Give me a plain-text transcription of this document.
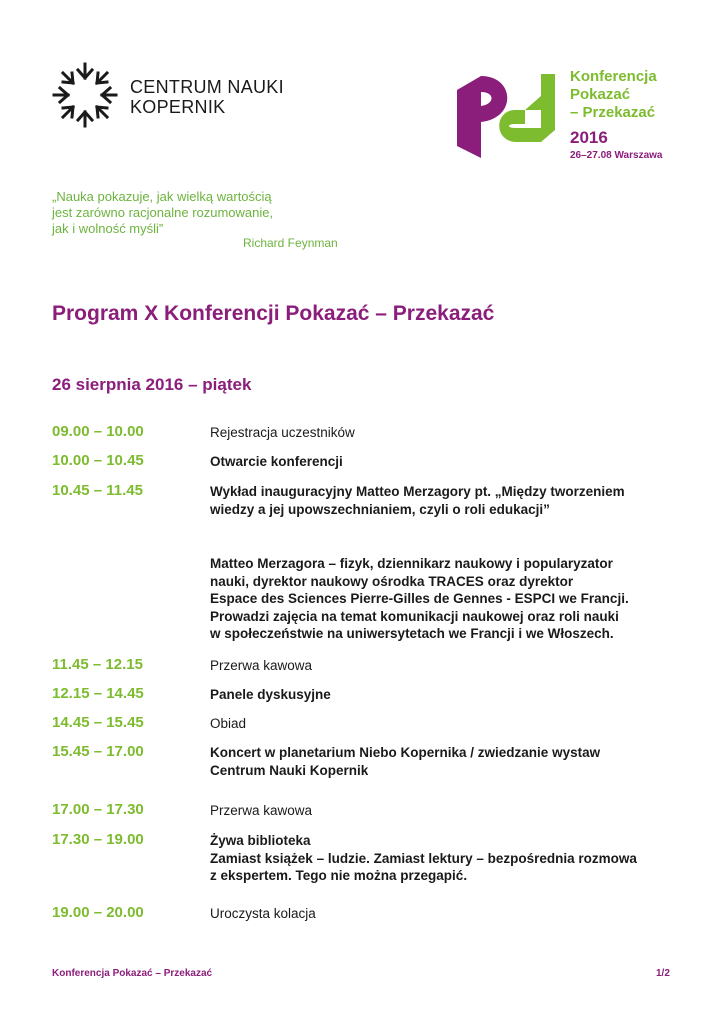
CENTRUM NAUKI
KOPERNIK
Konferencja
Pokazać
– Przekazać
2016
26–27.08 Warszawa
„Nauka pokazuje, jak wielką wartością
jest zarówno racjonalne rozumowanie,
jak i wolność myśli”
Richard Feynman
Program X Konferencji Pokazać – Przekazać
26 sierpnia 2016 – piątek
09.00 – 10.00	Rejestracja uczestników
10.00 – 10.45	Otwarcie konferencji
10.45 – 11.45	Wykład inauguracyjny Matteo Merzagory pt. „Między tworzeniem
wiedzy a jej upowszechnianiem, czyli o roli edukacji”
Matteo Merzagora – fizyk, dziennikarz naukowy i popularyzator
nauki, dyrektor naukowy ośrodka TRACES oraz dyrektor
Espace des Sciences Pierre-Gilles de Gennes - ESPCI we Francji.
Prowadzi zajęcia na temat komunikacji naukowej oraz roli nauki
w społeczeństwie na uniwersytetach we Francji i we Włoszech.
11.45 – 12.15	Przerwa kawowa
12.15 – 14.45	Panele dyskusyjne
14.45 – 15.45	Obiad
15.45 – 17.00	Koncert w planetarium Niebo Kopernika / zwiedzanie wystaw
Centrum Nauki Kopernik
17.00 – 17.30	Przerwa kawowa
17.30 – 19.00	Żywa biblioteka
Zamiast książek – ludzie. Zamiast lektury – bezpośrednia rozmowa
z ekspertem. Tego nie można przegapić.
19.00 – 20.00	Uroczysta kolacja
Konferencja Pokazać – Przekazać	1/2
